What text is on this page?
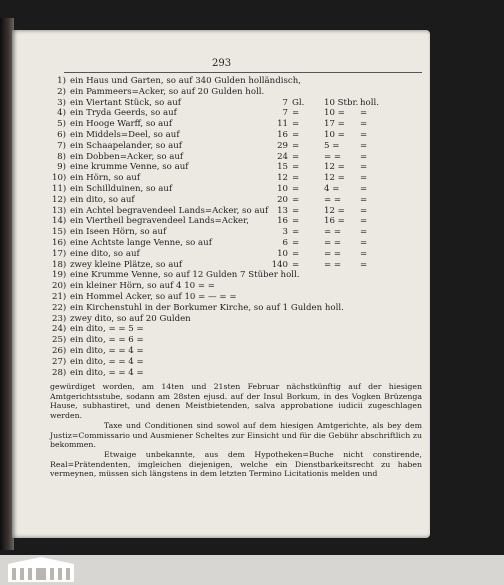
293
1) ein Haus und Garten, so auf 340 Gulden holländisch,
2) ein Pammeers=Acker, so auf 20 Gulden holl.
3) ein Viertant Stück, so auf	7 Gl. 10 Stbr. holl.
4) ein Tryda Geerds, so auf	7 =	10 = =
5) ein Hooge Warff, so auf	11 =	17 = =
6) ein Middels=Deel, so auf	16 =	10 = =
7) ein Schaapelander, so auf	29 =	5 = =
8) ein Dobben=Acker, so auf	24 =	= = =
9) eine krumme Venne, so auf	15 =	12 = =
10) ein Hörn, so auf	12 =	12 = =
11) ein Schillduinen, so auf	10 =	4 = =
12) ein dito, so auf	20 =	= = =
13) ein Achtel begravendeel Lands=Acker, so auf	13 =	12 = =
14) ein Viertheil begravendeel Lands=Acker,	16 =	16 = =
15) ein Iseen Hörn, so auf	3 =	= = =
16) eine Achtste lange Venne, so auf	6 =	= = =
17) eine dito, so auf	10 =	= = =
18) zwey kleine Plätze, so auf	140 =	= = =
19) eine Krumme Venne, so auf 12 Gulden 7 Stüber holl.
20) ein kleiner Hörn, so auf 4 10 = =
21) ein Hommel Acker, so auf 10 = — = =
22) ein Kirchenstuhl in der Borkumer Kirche, so auf 1 Gulden holl.
23) zwey dito, so auf 20 Gulden
24) ein dito, = = 5 =
25) ein dito, = = 6 =
26) ein dito, = = 4 =
27) ein dito, = = 4 =
28) ein dito, = = 4 =
gewürdiget worden, am 14ten und 21sten Februar nächstkünftig auf der hiesigen Amtgerichtsstube, sodann am 28sten ejusd. auf der Insul Borkum, in des Vogken Brüzenga Hause, subhastiret, und denen Meistbietenden, salva approbatione iudicii zugeschlagen werden.
Taxe und Conditionen sind sowol auf dem hiesigen Amtgerichte, als bey dem Justiz=Commissario und Ausmiener Scheltes zur Einsicht und für die Gebühr abschriftlich zu bekommen.
Etwaige unbekannte, aus dem Hypotheken=Buche nicht constirende, Real=Prätendenten, imgleichen diejenigen, welche ein Dienstbarkeitsrecht zu haben vermeynen, müssen sich längstens in dem letzten Termino Licitationis melden und
